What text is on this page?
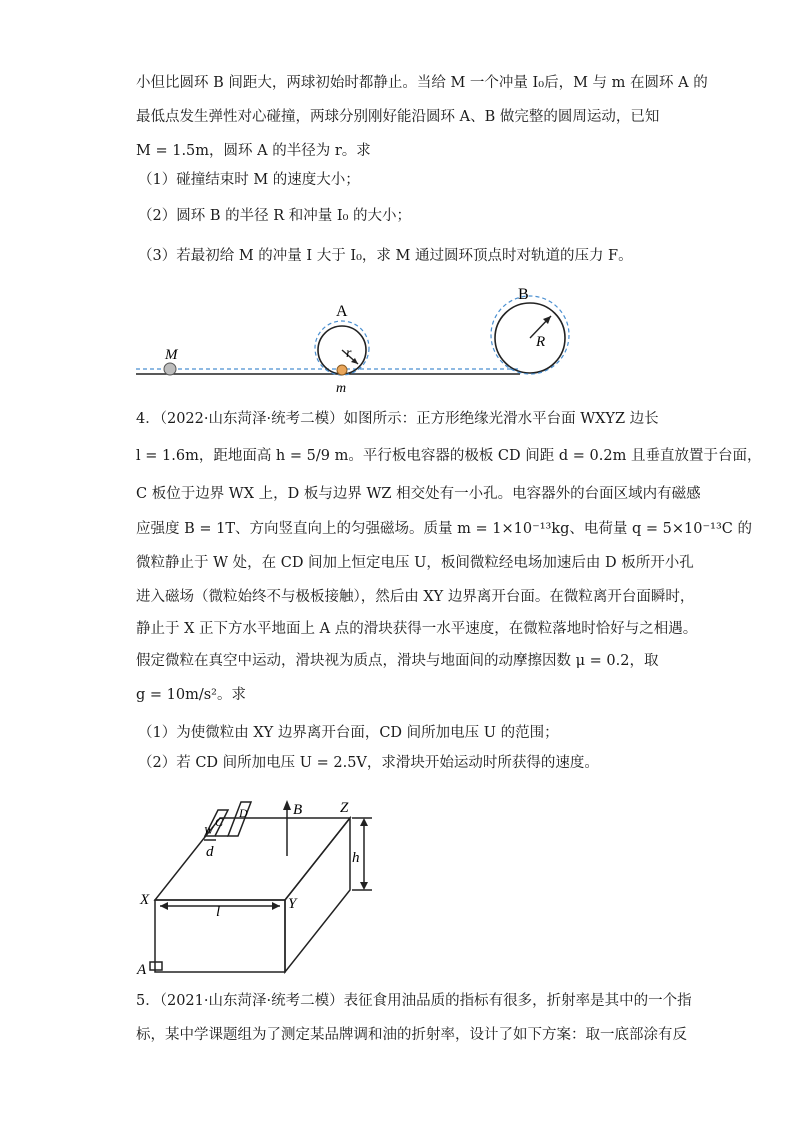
小但比圆环 B 间距大，两球初始时都静止。当给 M 一个冲量 I₀后，M 与 m 在圆环 A 的
最低点发生弹性对心碰撞，两球分别刚好能沿圆环 A、B 做完整的圆周运动，已知
M = 1.5m，圆环 A 的半径为 r。求
（1）碰撞结束时 M 的速度大小；
（2）圆环 B 的半径 R 和冲量 I₀ 的大小；
（3）若最初给 M 的冲量 I 大于 I₀，求 M 通过圆环顶点时对轨道的压力 F。
M
A
B
r
R
m
4．（2022·山东菏泽·统考二模）如图所示：正方形绝缘光滑水平台面 WXYZ 边长
l = 1.6m，距地面高 h = 5/9 m。平行板电容器的极板 CD 间距 d = 0.2m 且垂直放置于台面，
C 板位于边界 WX 上，D 板与边界 WZ 相交处有一小孔。电容器外的台面区域内有磁感
应强度 B = 1T、方向竖直向上的匀强磁场。质量 m = 1×10⁻¹³kg、电荷量 q = 5×10⁻¹³C 的
微粒静止于 W 处，在 CD 间加上恒定电压 U，板间微粒经电场加速后由 D 板所开小孔
进入磁场（微粒始终不与极板接触），然后由 XY 边界离开台面。在微粒离开台面瞬时，
静止于 X 正下方水平地面上 A 点的滑块获得一水平速度，在微粒落地时恰好与之相遇。
假定微粒在真空中运动，滑块视为质点，滑块与地面间的动摩擦因数 μ = 0.2，取
g = 10m/s²。求
（1）为使微粒由 XY 边界离开台面，CD 间所加电压 U 的范围；
（2）若 CD 间所加电压 U = 2.5V，求滑块开始运动时所获得的速度。
C
D
W
d
B	Z
h
X
l	Y
A
5．（2021·山东菏泽·统考二模）表征食用油品质的指标有很多，折射率是其中的一个指
标，某中学课题组为了测定某品牌调和油的折射率，设计了如下方案：取一底部涂有反
